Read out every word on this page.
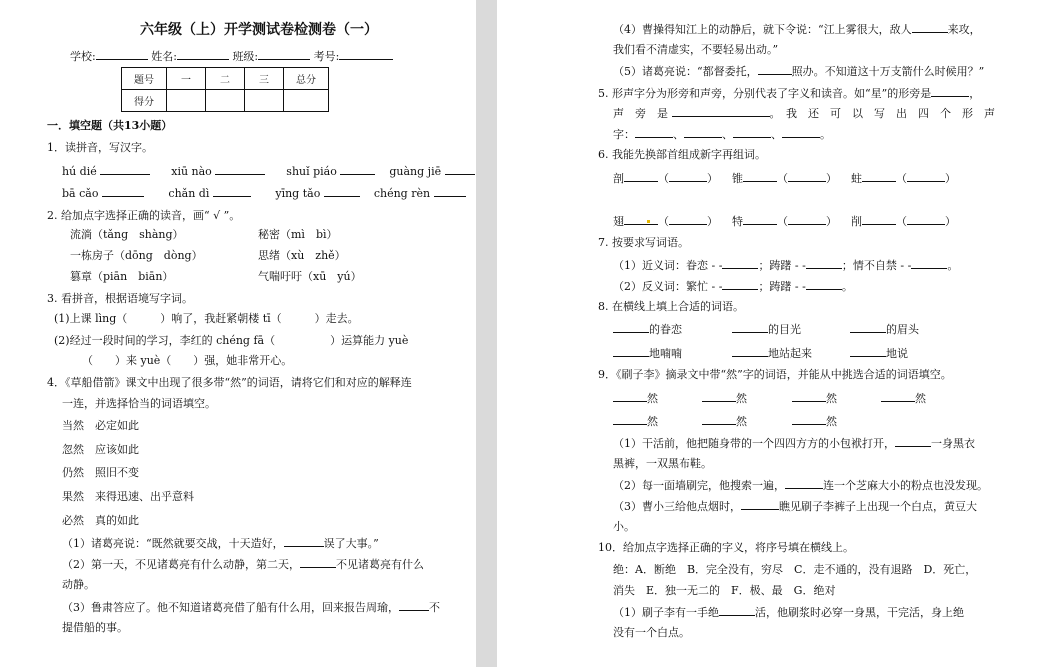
六年级（上）开学测试卷检测卷（一）
学校:	姓名:	班级:	考号:
题号	一	二	三	总分
得分				
一．填空题（共13小题）
1．读拼音，写汉字。
hú dié	xiū nào	shuǐ piáo	guàng jiē
bā cǎo	chǎn dì	yīng tǎo	chéng rèn
2. 给加点字选择正确的读音，画“ √ ”。
流淌（tǎng　shàng）	秘密（mì　bì）
一栋房子（dōng　dòng）	思绪（xù　zhě）
篡章（piān　biān）	气喘吁吁（xū　yú）
3. 看拼音，根据语境写字词。
(1)上课 lìng（　　　）响了，我赶紧朝楼 tī（　　　）走去。
(2)经过一段时间的学习，李红的 chéng fā（　　　　　）运算能力 yuè
（　　）来 yuè（　　）强，她非常开心。
4．《草船借箭》课文中出现了很多带“然”的词语，请将它们和对应的解释连
一连，并选择恰当的词语填空。
当然　必定如此
忽然　应该如此
仍然　照旧不变
果然　来得迅速、出乎意料
必然　真的如此
（1）诸葛亮说：“既然就要交战，十天造好，	误了大事。”
（2）第一天，不见诸葛亮有什么动静，第二天，	不见诸葛亮有什么
动静。
（3）鲁肃答应了。他不知道诸葛亮借了船有什么用，回来报告周瑜，	不
提借船的事。
（4）曹操得知江上的动静后，就下令说：“江上雾很大，敌人	来攻，
我们看不清虚实，不要轻易出动。”
（5）诸葛亮说：“都督委托，	照办。不知道这十万支箭什么时候用？”
5. 形声字分为形旁和声旁，分别代表了字义和读音。如“星”的形旁是	，
声　旁　是	。　我　还　可　以　写　出　四　个　形　声
字：	、	、	、	。
6. 我能先换部首组成新字再组词。
剖	（	）    锥	（	）    蛀	（	）
翅	（	）    特	（	）    削	（	）
7. 按要求写词语。
（1）近义词：眷恋 - -	；踌躇 - -	；情不自禁 - -	。
（2）反义词：繁忙 - -	；踌躇 - -	。
8. 在横线上填上合适的词语。
的眷恋	的目光	的眉头
地喃喃	地站起来	地说
9．《刷子李》摘录文中带“然”字的词语，并能从中挑选合适的词语填空。
然	然	然	然
然	然	然
（1）干活前，他把随身带的一个四四方方的小包袱打开，	一身黑衣
黑裤，一双黑布鞋。
（2）每一面墙刷完，他搜索一遍，	连一个芝麻大小的粉点也没发现。
（3）曹小三给他点烟时，	瞧见刷子李裤子上出现一个白点，黄豆大
小。
10．给加点字选择正确的字义，将序号填在横线上。
绝：A．断绝　B．完全没有，穷尽　C．走不通的，没有退路　D．死亡，
消失　E．独一无二的　F．极、最　G．绝对
（1）刷子李有一手绝	活，他刷浆时必穿一身黑，干完活，身上绝
没有一个白点。
